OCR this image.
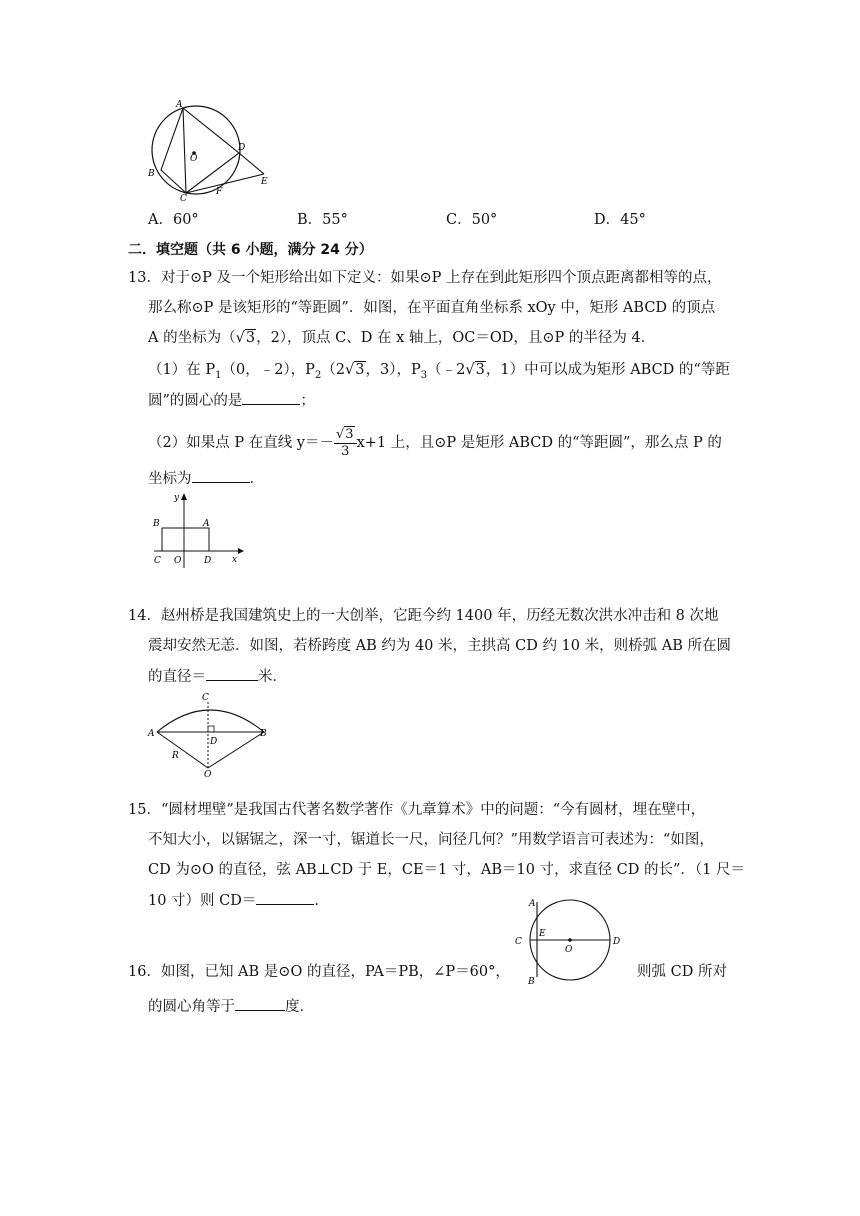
A
B
C
D
E
F
O
A．60°	B．55°	C．50°	D．45°
二．填空题（共 6 小题，满分 24 分）
13．对于⊙P 及一个矩形给出如下定义：如果⊙P 上存在到此矩形四个顶点距离都相等的点，
那么称⊙P 是该矩形的“等距圆”．如图，在平面直角坐标系 xOy 中，矩形 ABCD 的顶点
A 的坐标为（√3，2），顶点 C、D 在 x 轴上，OC＝OD，且⊙P 的半径为 4．
（1）在 $P_1(0$，﹣2），$P_2(2√3$，3），$P_3(﹣2√3$，1）中可以成为矩形 ABCD 的“等距
圆”的圆心的是	；
（2）如果点 P 在直线 $y=- \frac{√3}{3} x+1$ 上，且⊙P 是矩形 ABCD 的“等距圆”，那么点 P 的
坐标为	．
y
x
B	A
C O	D
14．赵州桥是我国建筑史上的一大创举，它距今约 1400 年，历经无数次洪水冲击和 8 次地
震却安然无恙．如图，若桥跨度 AB 约为 40 米，主拱高 CD 约 10 米，则桥弧 AB 所在圆
的直径＝	米．
C
A	B
D
R
O
15．“圆材埋壁”是我国古代著名数学著作《九章算术》中的问题：“今有圆材，埋在壁中，
不知大小，以锯锯之，深一寸，锯道长一尺，问径几何？”用数学语言可表述为：“如图，
CD 为⊙O 的直径，弦 AB⊥CD 于 E，CE＝1 寸，AB＝10 寸，求直径 CD 的长”．（1 尺＝
10 寸）则 CD＝	．	A
C
E
O
D
B
16．如图，已知 AB 是⊙O 的直径，PA＝PB，∠P＝60°，	则弧 CD 所对
的圆心角等于	度．
